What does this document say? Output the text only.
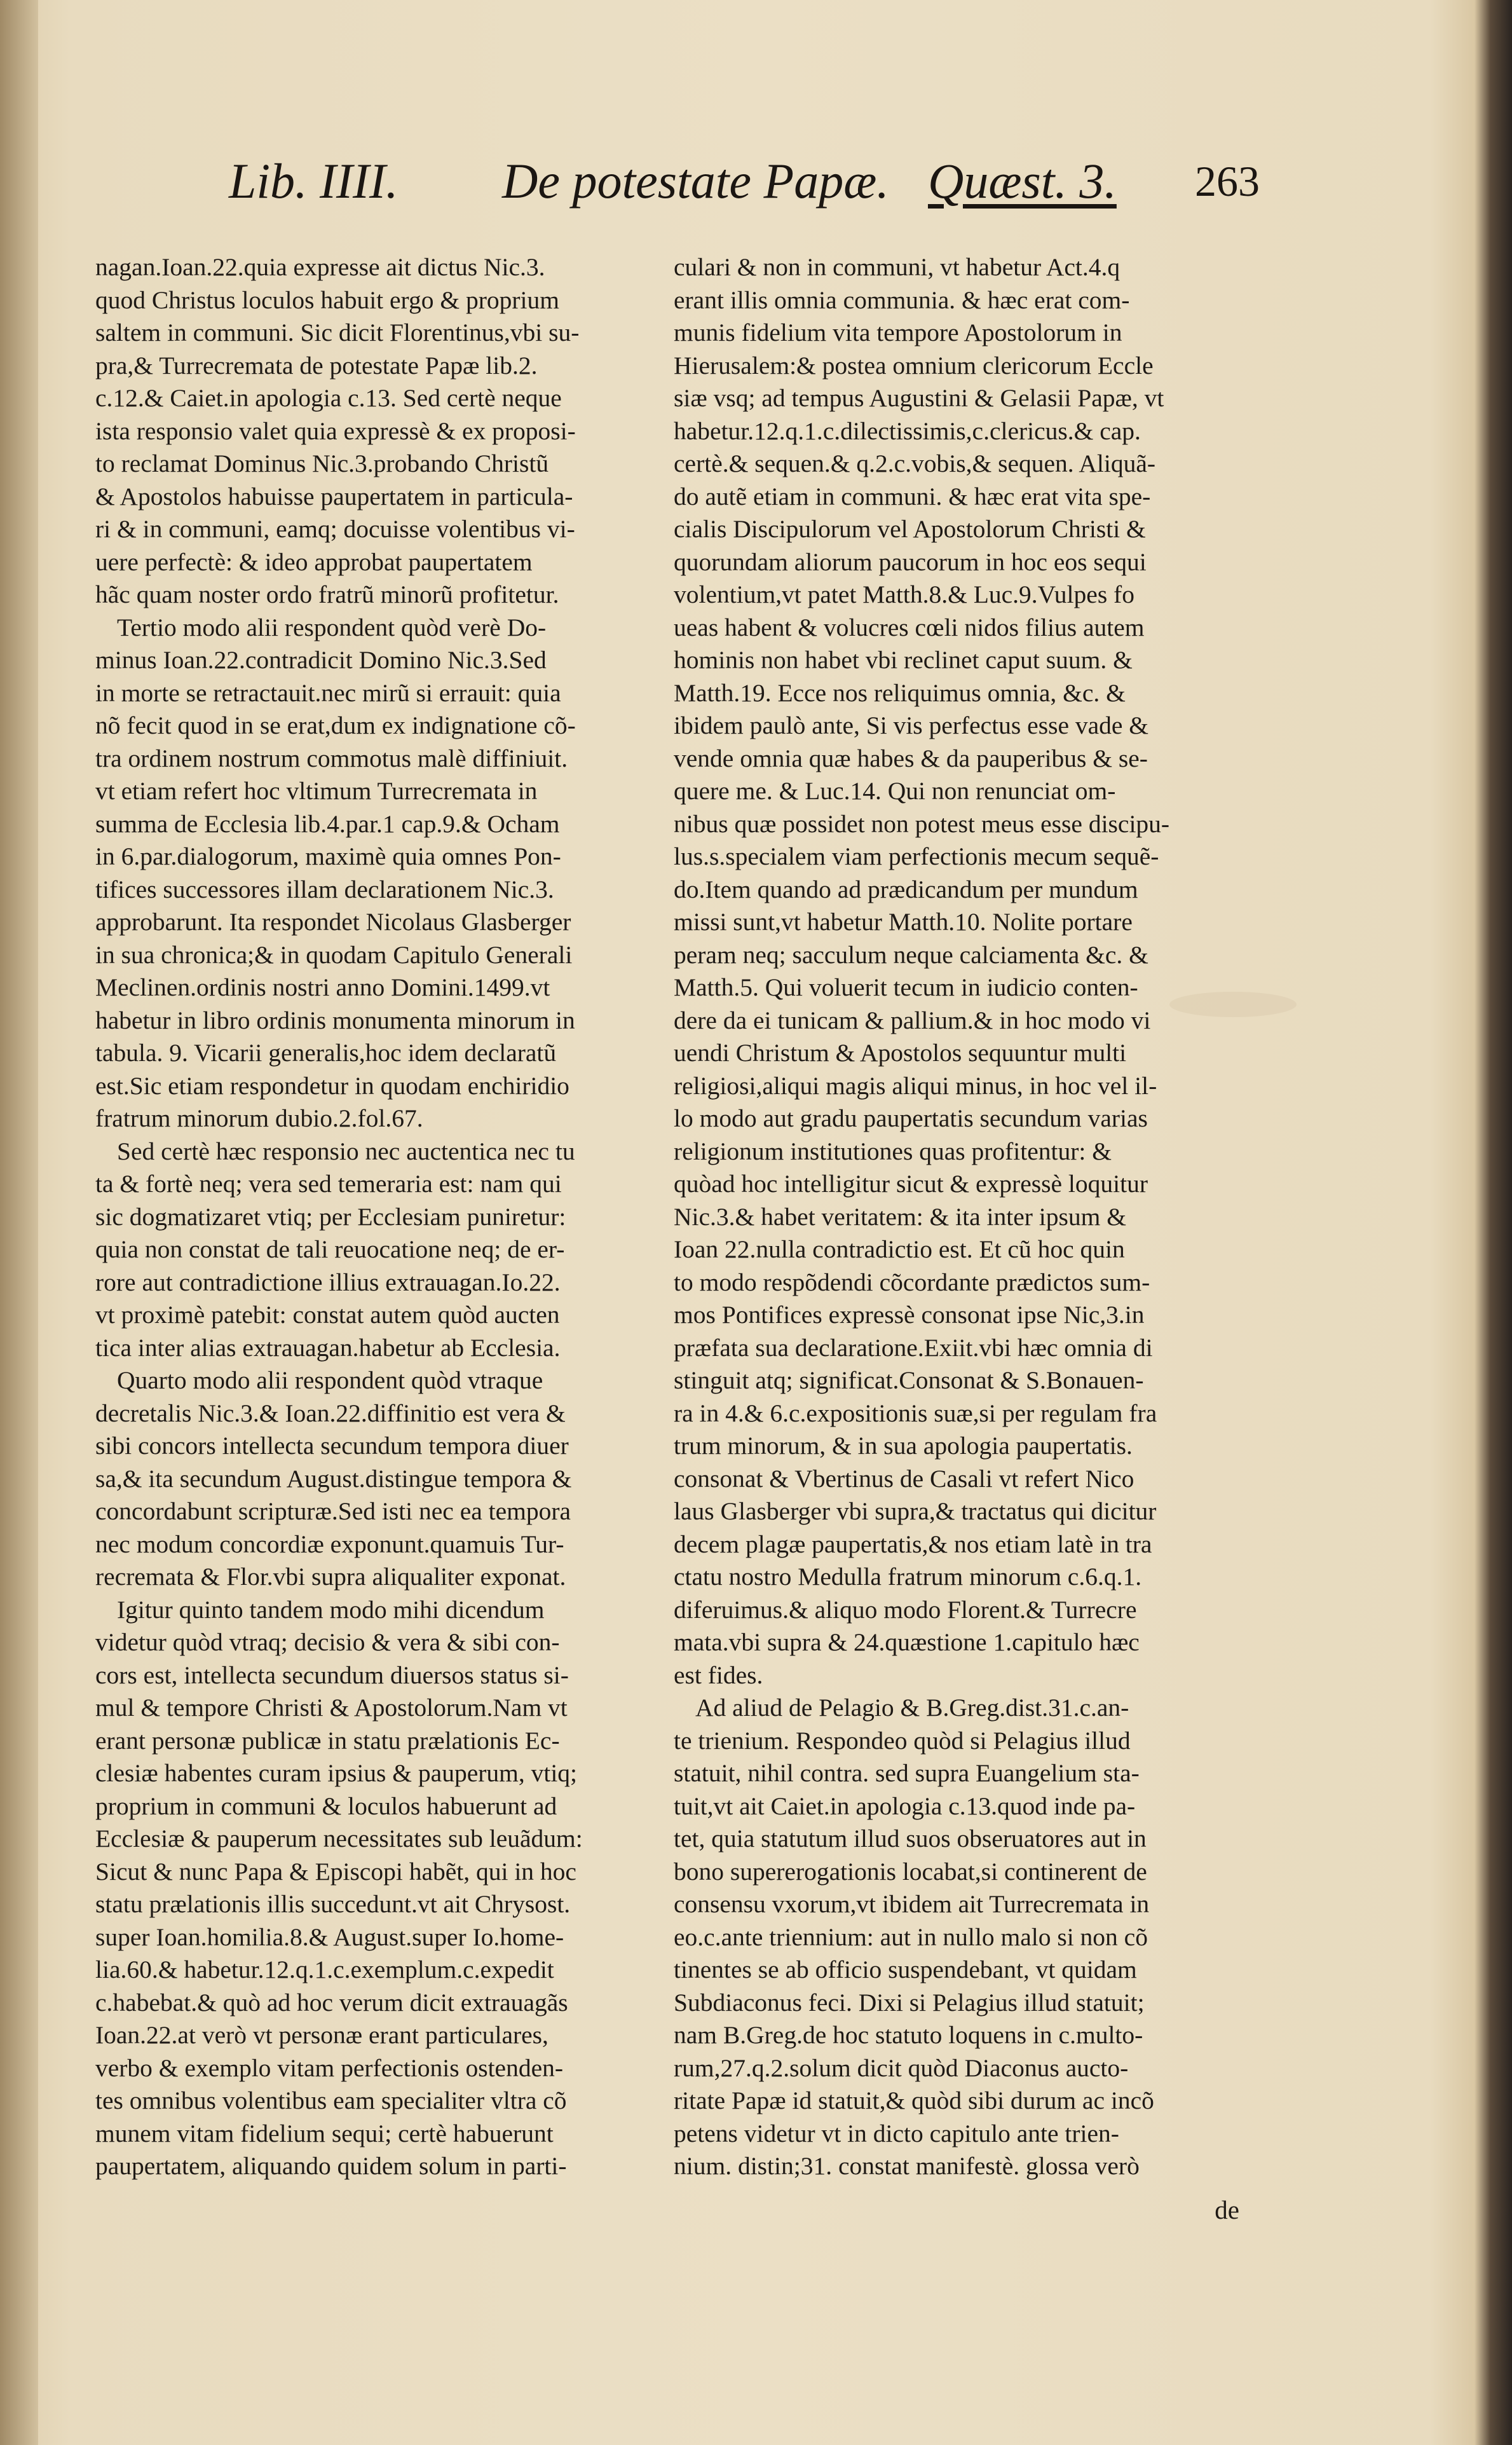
Lib. IIII. De potestate Papæ. Quæst. 3. 263
nagan.Ioan.22.quia expresse ait dictus Nic.3.
quod Christus loculos habuit ergo & proprium
saltem in communi. Sic dicit Florentinus,vbi su-
pra,& Turrecremata de potestate Papæ lib.2.
c.12.& Caiet.in apologia c.13. Sed certè neque
ista responsio valet quia expressè & ex proposi-
to reclamat Dominus Nic.3.probando Christũ
& Apostolos habuisse paupertatem in particula-
ri & in communi, eamq; docuisse volentibus vi-
uere perfectè: & ideo approbat paupertatem
hãc quam noster ordo fratrũ minorũ profitetur.
Tertio modo alii respondent quòd verè Do-
minus Ioan.22.contradicit Domino Nic.3.Sed
in morte se retractauit.nec mirũ si errauit: quia
nõ fecit quod in se erat,dum ex indignatione cõ-
tra ordinem nostrum commotus malè diffiniuit.
vt etiam refert hoc vltimum Turrecremata in
summa de Ecclesia lib.4.par.1 cap.9.& Ocham
in 6.par.dialogorum, maximè quia omnes Pon-
tifices successores illam declarationem Nic.3.
approbarunt. Ita respondet Nicolaus Glasberger
in sua chronica;& in quodam Capitulo Generali
Meclinen.ordinis nostri anno Domini.1499.vt
habetur in libro ordinis monumenta minorum in
tabula. 9. Vicarii generalis,hoc idem declaratũ
est.Sic etiam respondetur in quodam enchiridio
fratrum minorum dubio.2.fol.67.
Sed certè hæc responsio nec auctentica nec tu
ta & fortè neq; vera sed temeraria est: nam qui
sic dogmatizaret vtiq; per Ecclesiam puniretur:
quia non constat de tali reuocatione neq; de er-
rore aut contradictione illius extrauagan.Io.22.
vt proximè patebit: constat autem quòd aucten
tica inter alias extrauagan.habetur ab Ecclesia.
Quarto modo alii respondent quòd vtraque
decretalis Nic.3.& Ioan.22.diffinitio est vera &
sibi concors intellecta secundum tempora diuer
sa,& ita secundum August.distingue tempora &
concordabunt scripturæ.Sed isti nec ea tempora
nec modum concordiæ exponunt.quamuis Tur-
recremata & Flor.vbi supra aliqualiter exponat.
Igitur quinto tandem modo mihi dicendum
videtur quòd vtraq; decisio & vera & sibi con-
cors est, intellecta secundum diuersos status si-
mul & tempore Christi & Apostolorum.Nam vt
erant personæ publicæ in statu prælationis Ec-
clesiæ habentes curam ipsius & pauperum, vtiq;
proprium in communi & loculos habuerunt ad
Ecclesiæ & pauperum necessitates sub leuãdum:
Sicut & nunc Papa & Episcopi habẽt, qui in hoc
statu prælationis illis succedunt.vt ait Chrysost.
super Ioan.homilia.8.& August.super Io.home-
lia.60.& habetur.12.q.1.c.exemplum.c.expedit
c.habebat.& quò ad hoc verum dicit extrauagãs
Ioan.22.at verò vt personæ erant particulares,
verbo & exemplo vitam perfectionis ostenden-
tes omnibus volentibus eam specialiter vltra cõ
munem vitam fidelium sequi; certè habuerunt
paupertatem, aliquando quidem solum in parti-
culari & non in communi, vt habetur Act.4.q
erant illis omnia communia. & hæc erat com-
munis fidelium vita tempore Apostolorum in
Hierusalem:& postea omnium clericorum Eccle
siæ vsq; ad tempus Augustini & Gelasii Papæ, vt
habetur.12.q.1.c.dilectissimis,c.clericus.& cap.
certè.& sequen.& q.2.c.vobis,& sequen. Aliquã-
do autẽ etiam in communi. & hæc erat vita spe-
cialis Discipulorum vel Apostolorum Christi &
quorundam aliorum paucorum in hoc eos sequi
volentium,vt patet Matth.8.& Luc.9.Vulpes fo
ueas habent & volucres cœli nidos filius autem
hominis non habet vbi reclinet caput suum. &
Matth.19. Ecce nos reliquimus omnia, &c. &
ibidem paulò ante, Si vis perfectus esse vade &
vende omnia quæ habes & da pauperibus & se-
quere me. & Luc.14. Qui non renunciat om-
nibus quæ possidet non potest meus esse discipu-
lus.s.specialem viam perfectionis mecum sequẽ-
do.Item quando ad prædicandum per mundum
missi sunt,vt habetur Matth.10. Nolite portare
peram neq; sacculum neque calciamenta &c. &
Matth.5. Qui voluerit tecum in iudicio conten-
dere da ei tunicam & pallium.& in hoc modo vi
uendi Christum & Apostolos sequuntur multi
religiosi,aliqui magis aliqui minus, in hoc vel il-
lo modo aut gradu paupertatis secundum varias
religionum institutiones quas profitentur: &
quòad hoc intelligitur sicut & expressè loquitur
Nic.3.& habet veritatem: & ita inter ipsum &
Ioan 22.nulla contradictio est. Et cũ hoc quin
to modo respõdendi cõcordante prædictos sum-
mos Pontifices expressè consonat ipse Nic,3.in
præfata sua declaratione.Exiit.vbi hæc omnia di
stinguit atq; significat.Consonat & S.Bonauen-
ra in 4.& 6.c.expositionis suæ,si per regulam fra
trum minorum, & in sua apologia paupertatis.
consonat & Vbertinus de Casali vt refert Nico
laus Glasberger vbi supra,& tractatus qui dicitur
decem plagæ paupertatis,& nos etiam latè in tra
ctatu nostro Medulla fratrum minorum c.6.q.1.
diferuimus.& aliquo modo Florent.& Turrecre
mata.vbi supra & 24.quæstione 1.capitulo hæc
est fides.
Ad aliud de Pelagio & B.Greg.dist.31.c.an-
te trienium. Respondeo quòd si Pelagius illud
statuit, nihil contra. sed supra Euangelium sta-
tuit,vt ait Caiet.in apologia c.13.quod inde pa-
tet, quia statutum illud suos obseruatores aut in
bono supererogationis locabat,si continerent de
consensu vxorum,vt ibidem ait Turrecremata in
eo.c.ante triennium: aut in nullo malo si non cõ
tinentes se ab officio suspendebant, vt quidam
Subdiaconus feci. Dixi si Pelagius illud statuit;
nam B.Greg.de hoc statuto loquens in c.multo-
rum,27.q.2.solum dicit quòd Diaconus aucto-
ritate Papæ id statuit,& quòd sibi durum ac incõ
petens videtur vt in dicto capitulo ante trien-
nium. distin;31. constat manifestè. glossa verò
de
